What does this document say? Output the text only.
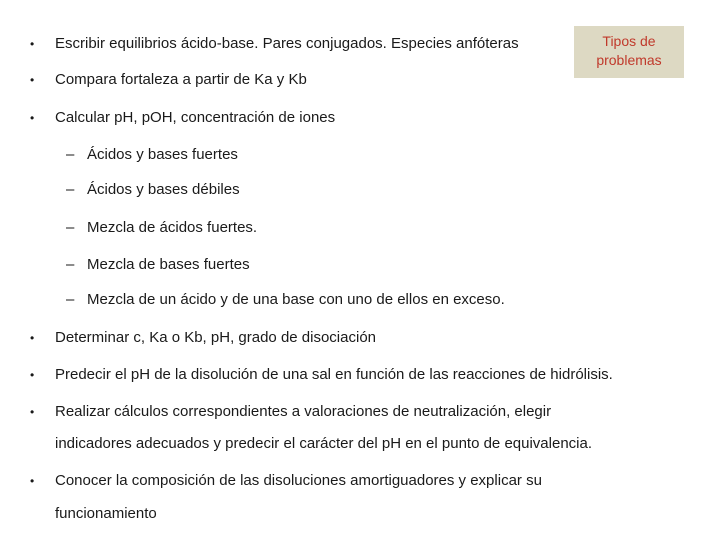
Tipos de
problemas
• Escribir equilibrios ácido-base. Pares conjugados. Especies anfóteras
• Compara fortaleza a partir de Ka y Kb
• Calcular pH, pOH, concentración de iones
– Ácidos y bases fuertes
– Ácidos y bases débiles
– Mezcla de ácidos fuertes.
– Mezcla de bases fuertes
– Mezcla de un ácido y de una base con uno de ellos en exceso.
• Determinar c, Ka o Kb, pH, grado de disociación
• Predecir el pH de la disolución de una sal en función de las reacciones de hidrólisis.
• Realizar cálculos correspondientes a valoraciones de neutralización, elegir
indicadores adecuados y predecir el carácter del pH en el punto de equivalencia.
• Conocer la composición de las disoluciones amortiguadores y explicar su
funcionamiento
